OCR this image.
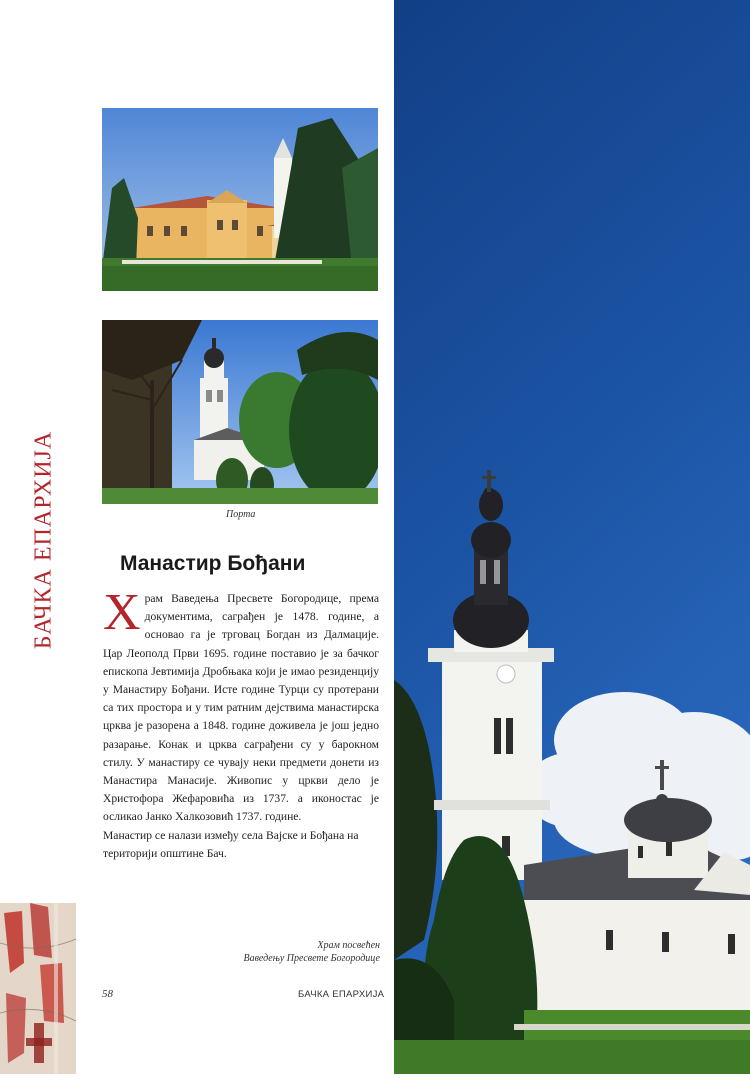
БАЧКА ЕПАРХИЈА	Порта
Манастир Бођани
Храм Ваведења Пресвете Богородице, према документима, саграђен је 1478. године, а основао га је трговац Богдан из Далмације. Цар Леополд Први 1695. године поставио је за бачког епископа Јевтимија Дробњака који је имао резиденцију у Манастиру Бођани. Исте године Турци су протерани са тих простора и у тим ратним дејствима манастирска црква је разорена а 1848. године доживела је још једно разарање. Конак и црква саграђени су у барокном стилу. У манастиру се чувају неки предмети донети из Манастира Манасије. Живопис у цркви дело је Христофора Жефаровића из 1737. а иконостас је осликао Јанко Халкозовић 1737. године.
Манастир се налази између села Вајске и Бођана на територији општине Бач.
Храм посвећен
Ваведењу Пресвете Богородице
58	БАЧКА ЕПАРХИЈА
